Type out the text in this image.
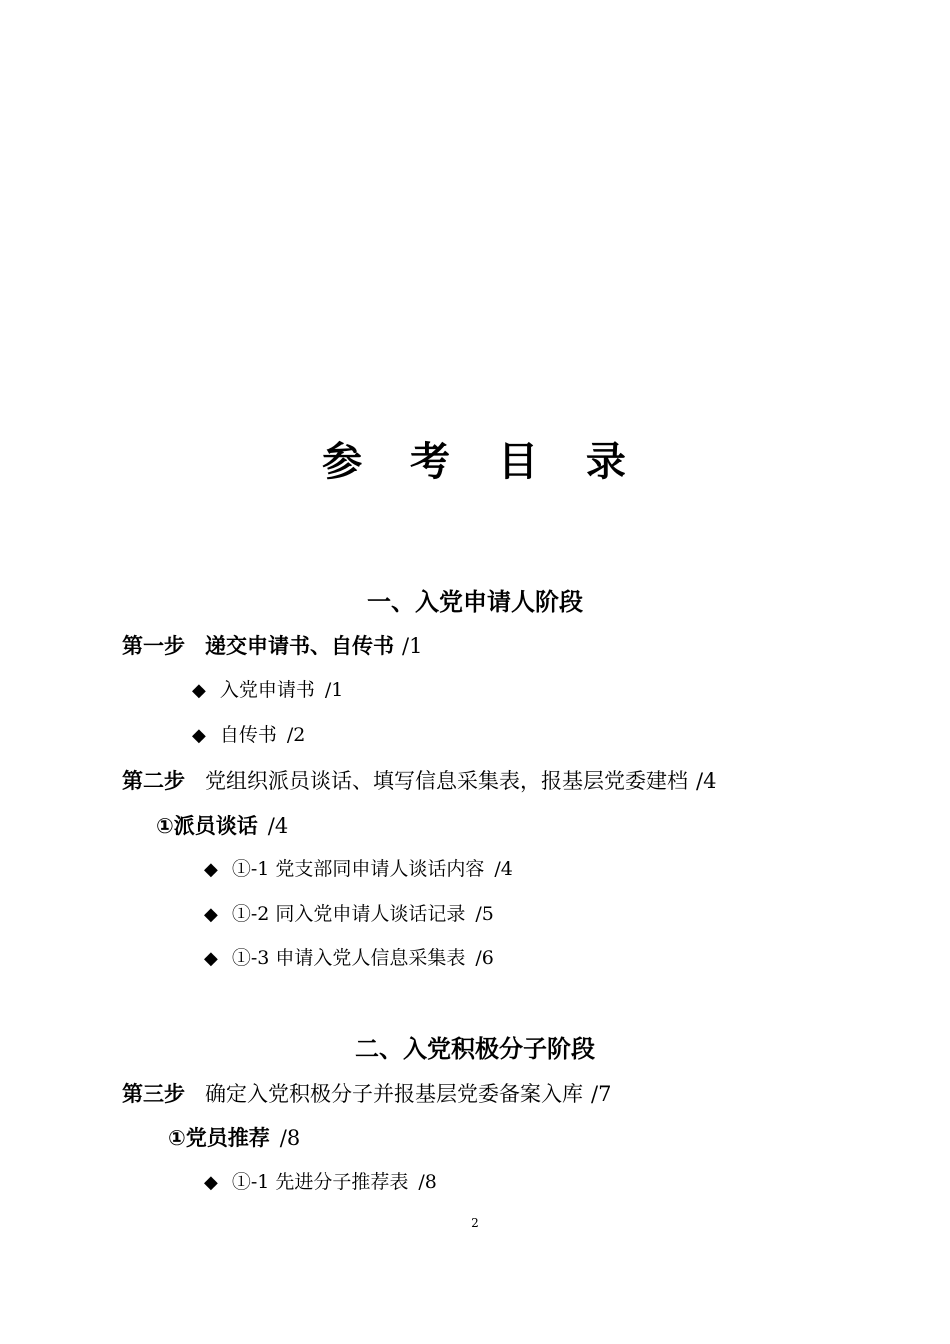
参 考 目 录
一、入党申请人阶段
第一步 递交申请书、自传书 /1
◆ 入党申请书 /1
◆ 自传书 /2
第二步 党组织派员谈话、填写信息采集表，报基层党委建档 /4
①派员谈话 /4
◆ ①-1 党支部同申请人谈话内容 /4
◆ ①-2 同入党申请人谈话记录 /5
◆ ①-3 申请入党人信息采集表 /6
二、入党积极分子阶段
第三步 确定入党积极分子并报基层党委备案入库 /7
①党员推荐 /8
◆ ①-1 先进分子推荐表 /8
2
